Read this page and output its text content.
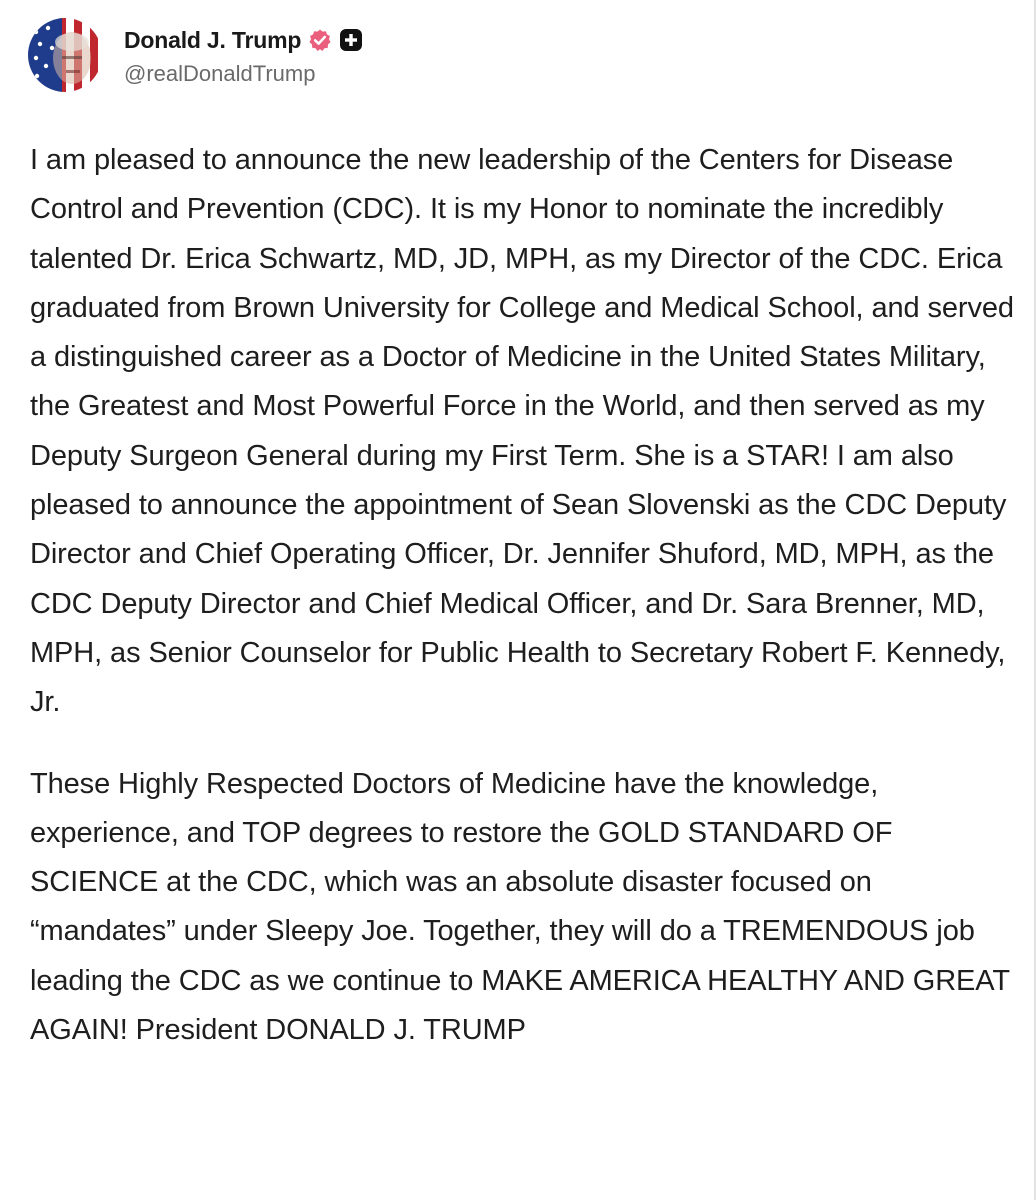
Donald J. Trump
@realDonaldTrump

I am pleased to announce the new leadership of the Centers for Disease Control and Prevention (CDC). It is my Honor to nominate the incredibly talented Dr. Erica Schwartz, MD, JD, MPH, as my Director of the CDC. Erica graduated from Brown University for College and Medical School, and served a distinguished career as a Doctor of Medicine in the United States Military, the Greatest and Most Powerful Force in the World, and then served as my Deputy Surgeon General during my First Term. She is a STAR! I am also pleased to announce the appointment of Sean Slovenski as the CDC Deputy Director and Chief Operating Officer, Dr. Jennifer Shuford, MD, MPH, as the CDC Deputy Director and Chief Medical Officer, and Dr. Sara Brenner, MD, MPH, as Senior Counselor for Public Health to Secretary Robert F. Kennedy, Jr.

These Highly Respected Doctors of Medicine have the knowledge, experience, and TOP degrees to restore the GOLD STANDARD OF SCIENCE at the CDC, which was an absolute disaster focused on “mandates” under Sleepy Joe. Together, they will do a TREMENDOUS job leading the CDC as we continue to MAKE AMERICA HEALTHY AND GREAT AGAIN! President DONALD J. TRUMP
